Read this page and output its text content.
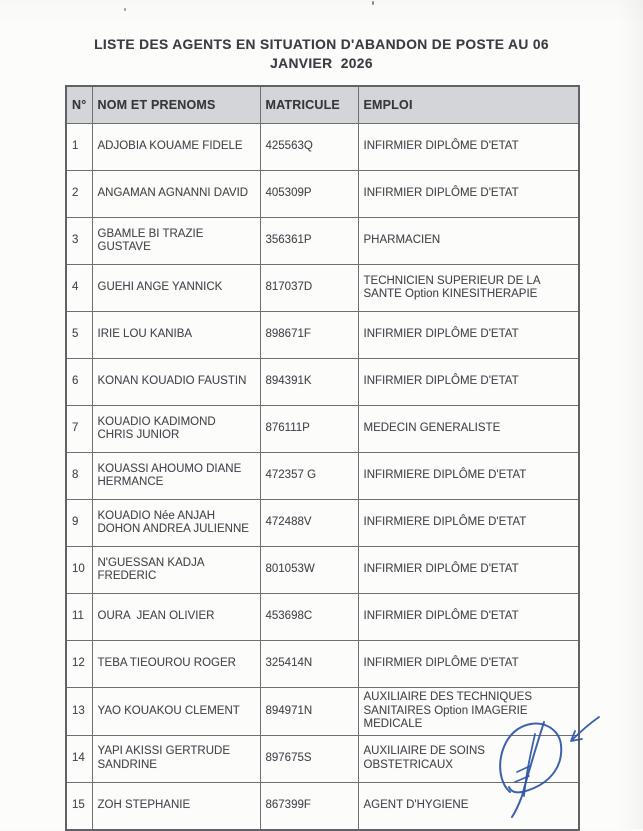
LISTE DES AGENTS EN SITUATION D'ABANDON DE POSTE AU 06
JANVIER  2026
N°	NOM ET PRENOMS	MATRICULE	EMPLOI
1	ADJOBIA KOUAME FIDELE	425563Q	INFIRMIER DIPLÔME D'ETAT
2	ANGAMAN AGNANNI DAVID	405309P	INFIRMIER DIPLÔME D'ETAT
3	GBAMLE BI TRAZIE GUSTAVE	356361P	PHARMACIEN
4	GUEHI ANGE YANNICK	817037D	TECHNICIEN SUPERIEUR DE LA SANTE Option KINESITHERAPIE
5	IRIE LOU KANIBA	898671F	INFIRMIER DIPLÔME D'ETAT
6	KONAN KOUADIO FAUSTIN	894391K	INFIRMIER DIPLÔME D'ETAT
7	KOUADIO KADIMOND CHRIS JUNIOR	876111P	MEDECIN GENERALISTE
8	KOUASSI AHOUMO DIANE HERMANCE	472357 G	INFIRMIERE DIPLÔME D'ETAT
9	KOUADIO Née ANJAH DOHON ANDREA JULIENNE	472488V	INFIRMIERE DIPLÔME D'ETAT
10	N'GUESSAN KADJA FREDERIC	801053W	INFIRMIER DIPLÔME D'ETAT
11	OURA  JEAN OLIVIER	453698C	INFIRMIER DIPLÔME D'ETAT
12	TEBA TIEOUROU ROGER	325414N	INFIRMIER DIPLÔME D'ETAT
13	YAO KOUAKOU CLEMENT	894971N	AUXILIAIRE DES TECHNIQUES SANITAIRES Option IMAGERIE MEDICALE
14	YAPI AKISSI GERTRUDE SANDRINE	897675S	AUXILIAIRE DE SOINS OBSTETRICAUX
15	ZOH STEPHANIE	867399F	AGENT D'HYGIENE
